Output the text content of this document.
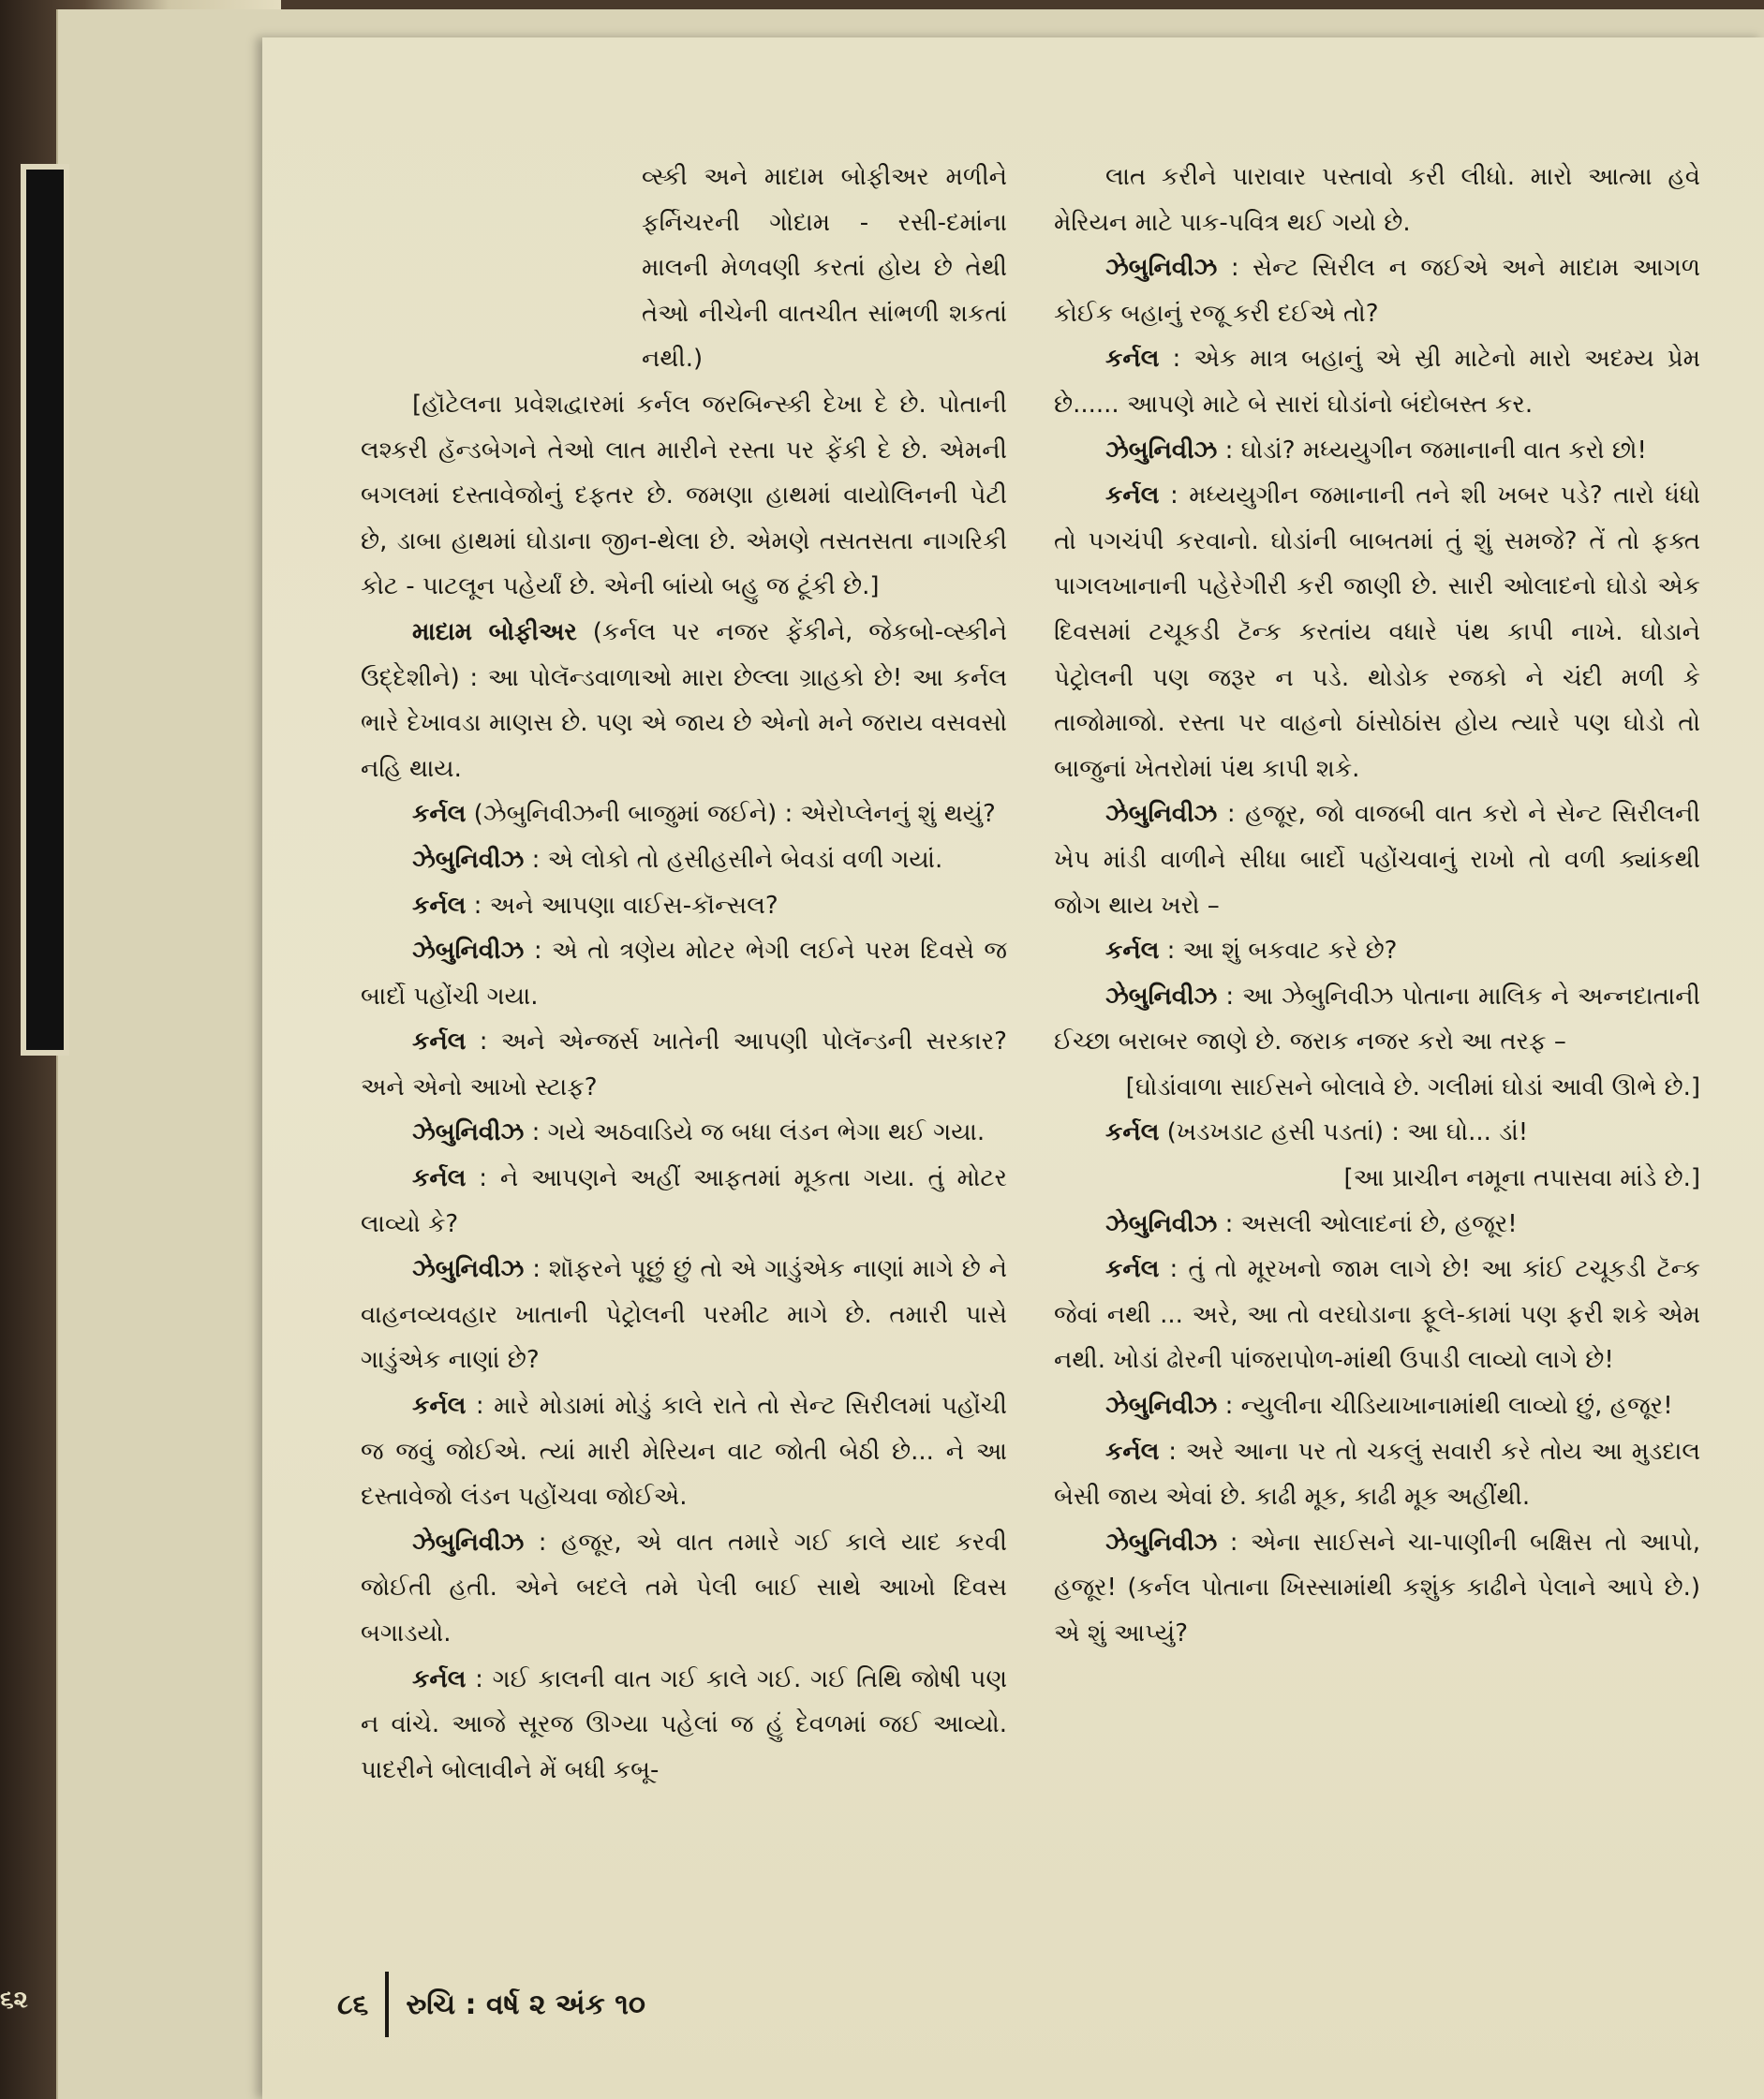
૬૨

વ્સ્કી અને માદામ બોફીઅર મળીને ફર્નિચરની ગોદામ - રસી-દમાંના માલની મેળવણી કરતાં હોય છે તેથી તેઓ નીચેની વાતચીત સાંભળી શકતાં નથી.)

[હૉટેલના પ્રવેશદ્વારમાં કર્નલ જરબિન્સ્કી દેખા દે છે. પોતાની લશ્કરી હૅન્ડબેગને તેઓ લાત મારીને રસ્તા પર ફેંકી દે છે. એમની બગલમાં દસ્તાવેજોનું દફતર છે. જમણા હાથમાં વાયોલિનની પેટી છે, ડાબા હાથમાં ઘોડાના જીન-થેલા છે. એમણે તસતસતા નાગરિકી કોટ - પાટલૂન પહેર્યાં છે. એની બાંયો બહુ જ ટૂંકી છે.]

માદામ બોફીઅર (કર્નલ પર નજર ફેંકીને, જેકબો-વ્સ્કીને ઉદ્દેશીને) : આ પોલૅન્ડવાળાઓ મારા છેલ્લા ગ્રાહકો છે! આ કર્નલ ભારે દેખાવડા માણસ છે. પણ એ જાય છે એનો મને જરાય વસવસો નહિ થાય.

કર્નલ (ઝેબુનિવીઝની બાજુમાં જઈને) : એરોપ્લેનનું શું થયું?

ઝેબુનિવીઝ : એ લોકો તો હસીહસીને બેવડાં વળી ગયાં.

કર્નલ : અને આપણા વાઈસ-કૉન્સલ?

ઝેબુનિવીઝ : એ તો ત્રણેય મોટર ભેગી લઈને પરમ દિવસે જ બાર્દો પહોંચી ગયા.

કર્નલ : અને એન્જર્સ ખાતેની આપણી પોલૅન્ડની સરકાર? અને એનો આખો સ્ટાફ?

ઝેબુનિવીઝ : ગયે અઠવાડિયે જ બધા લંડન ભેગા થઈ ગયા.

કર્નલ : ને આપણને અહીં આફતમાં મૂકતા ગયા. તું મોટર લાવ્યો કે?

ઝેબુનિવીઝ : શૉફરને પૂછું છું તો એ ગાડુંએક નાણાં માગે છે ને વાહનવ્યવહાર ખાતાની પેટ્રોલની પરમીટ માગે છે. તમારી પાસે ગાડુંએક નાણાં છે?

કર્નલ : મારે મોડામાં મોડું કાલે રાતે તો સેન્ટ સિરીલમાં પહોંચી જ જવું જોઈએ. ત્યાં મારી મેરિયન વાટ જોતી બેઠી છે... ને આ દસ્તાવેજો લંડન પહોંચવા જોઈએ.

ઝેબુનિવીઝ : હજૂર, એ વાત તમારે ગઈ કાલે યાદ કરવી જોઈતી હતી. એને બદલે તમે પેલી બાઈ સાથે આખો દિવસ બગાડયો.

કર્નલ : ગઈ કાલની વાત ગઈ કાલે ગઈ. ગઈ તિથિ જોષી પણ ન વાંચે. આજે સૂરજ ઊગ્યા પહેલાં જ હું દેવળમાં જઈ આવ્યો. પાદરીને બોલાવીને મેં બધી કબૂ-

લાત કરીને પારાવાર પસ્તાવો કરી લીધો. મારો આત્મા હવે મેરિયન માટે પાક-પવિત્ર થઈ ગયો છે.

ઝેબુનિવીઝ : સેન્ટ સિરીલ ન જઈએ અને માદામ આગળ કોઈક બહાનું રજૂ કરી દઈએ તો?

કર્નલ : એક માત્ર બહાનું એ સ્રી માટેનો મારો અદમ્ય પ્રેમ છે...... આપણે માટે બે સારાં ઘોડાંનો બંદોબસ્ત કર.

ઝેબુનિવીઝ : ઘોડાં? મધ્યયુગીન જમાનાની વાત કરો છો!

કર્નલ : મધ્યયુગીન જમાનાની તને શી ખબર પડે? તારો ધંધો તો પગચંપી કરવાનો. ઘોડાંની બાબતમાં તું શું સમજે? તેં તો ફક્ત પાગલખાનાની પહેરેગીરી કરી જાણી છે. સારી ઓલાદનો ઘોડો એક દિવસમાં ટચૂકડી ટૅન્ક કરતાંય વધારે પંથ કાપી નાખે. ઘોડાને પેટ્રોલની પણ જરૂર ન પડે. થોડોક રજકો ને ચંદી મળી કે તાજોમાજો. રસ્તા પર વાહનો ઠાંસોઠાંસ હોય ત્યારે પણ ઘોડો તો બાજુનાં ખેતરોમાં પંથ કાપી શકે.

ઝેબુનિવીઝ : હજૂર, જો વાજબી વાત કરો ને સેન્ટ સિરીલની ખેપ માંડી વાળીને સીધા બાર્દો પહોંચવાનું રાખો તો વળી ક્યાંકથી જોગ થાય ખરો –

કર્નલ : આ શું બકવાટ કરે છે?

ઝેબુનિવીઝ : આ ઝેબુનિવીઝ પોતાના માલિક ને અન્નદાતાની ઈચ્છા બરાબર જાણે છે. જરાક નજર કરો આ તરફ –

[ઘોડાંવાળા સાઈસને બોલાવે છે. ગલીમાં ઘોડાં આવી ઊભે છે.]

કર્નલ (ખડખડાટ હસી પડતાં) : આ ઘો... ડાં!

[આ પ્રાચીન નમૂના તપાસવા માંડે છે.]

ઝેબુનિવીઝ : અસલી ઓલાદનાં છે, હજૂર!

કર્નલ : તું તો મૂરખનો જામ લાગે છે! આ કાંઈ ટચૂકડી ટૅન્ક જેવાં નથી ... અરે, આ તો વરઘોડાના ફૂલે-કામાં પણ ફરી શકે એમ નથી. ખોડાં ઢોરની પાંજરાપોળ-માંથી ઉપાડી લાવ્યો લાગે છે!

ઝેબુનિવીઝ : ન્યુલીના ચીડિયાખાનામાંથી લાવ્યો છું, હજૂર!

કર્નલ : અરે આના પર તો ચકલું સવારી કરે તોય આ મુડદાલ બેસી જાય એવાં છે. કાઢી મૂક, કાઢી મૂક અહીંથી.

ઝેબુનિવીઝ : એના સાઈસને ચા-પાણીની બક્ષિસ તો આપો, હજૂર! (કર્નલ પોતાના ખિસ્સામાંથી કશુંક કાઢીને પેલાને આપે છે.) એ શું આપ્યું?

૮૬ રુચિ : વર્ષ ૨ અંક ૧૦
